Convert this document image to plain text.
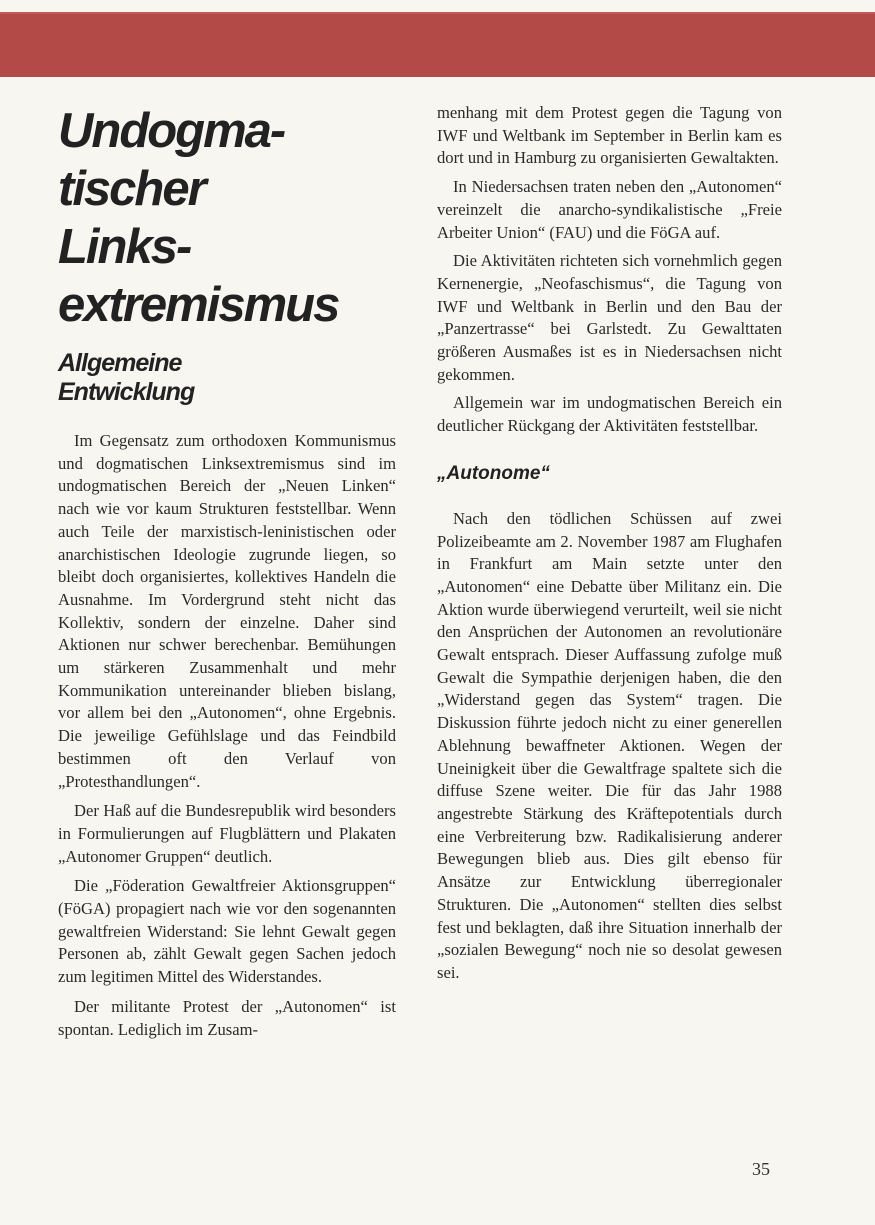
Undogma-
tischer
Links-
extremismus
Allgemeine
Entwicklung

Im Gegensatz zum orthodoxen Kommunismus und dogmatischen Linksextremismus sind im undogmatischen Bereich der „Neuen Linken“ nach wie vor kaum Strukturen feststellbar. Wenn auch Teile der marxistisch-leninistischen oder anarchistischen Ideologie zugrunde liegen, so bleibt doch organisiertes, kollektives Handeln die Ausnahme. Im Vordergrund steht nicht das Kollektiv, sondern der einzelne. Daher sind Aktionen nur schwer berechenbar. Bemühungen um stärkeren Zusammenhalt und mehr Kommunikation untereinander blieben bislang, vor allem bei den „Autonomen“, ohne Ergebnis. Die jeweilige Gefühlslage und das Feindbild bestimmen oft den Verlauf von „Protesthandlungen“.

Der Haß auf die Bundesrepublik wird besonders in Formulierungen auf Flugblättern und Plakaten „Autonomer Gruppen“ deutlich.

Die „Föderation Gewaltfreier Aktionsgruppen“ (FöGA) propagiert nach wie vor den sogenannten gewaltfreien Widerstand: Sie lehnt Gewalt gegen Personen ab, zählt Gewalt gegen Sachen jedoch zum legitimen Mittel des Widerstandes.

Der militante Protest der „Autonomen“ ist spontan. Lediglich im Zusam-

menhang mit dem Protest gegen die Tagung von IWF und Weltbank im September in Berlin kam es dort und in Hamburg zu organisierten Gewaltakten.

In Niedersachsen traten neben den „Autonomen“ vereinzelt die anarcho-syndikalistische „Freie Arbeiter Union“ (FAU) und die FöGA auf.

Die Aktivitäten richteten sich vornehmlich gegen Kernenergie, „Neofaschismus“, die Tagung von IWF und Weltbank in Berlin und den Bau der „Panzertrasse“ bei Garlstedt. Zu Gewalttaten größeren Ausmaßes ist es in Niedersachsen nicht gekommen.

Allgemein war im undogmatischen Bereich ein deutlicher Rückgang der Aktivitäten feststellbar.

„Autonome“

Nach den tödlichen Schüssen auf zwei Polizeibeamte am 2. November 1987 am Flughafen in Frankfurt am Main setzte unter den „Autonomen“ eine Debatte über Militanz ein. Die Aktion wurde überwiegend verurteilt, weil sie nicht den Ansprüchen der Autonomen an revolutionäre Gewalt entsprach. Dieser Auffassung zufolge muß Gewalt die Sympathie derjenigen haben, die den „Widerstand gegen das System“ tragen. Die Diskussion führte jedoch nicht zu einer generellen Ablehnung bewaffneter Aktionen. Wegen der Uneinigkeit über die Gewaltfrage spaltete sich die diffuse Szene weiter. Die für das Jahr 1988 angestrebte Stärkung des Kräftepotentials durch eine Verbreiterung bzw. Radikalisierung anderer Bewegungen blieb aus. Dies gilt ebenso für Ansätze zur Entwicklung überregionaler Strukturen. Die „Autonomen“ stellten dies selbst fest und beklagten, daß ihre Situation innerhalb der „sozialen Bewegung“ noch nie so desolat gewesen sei.

35
